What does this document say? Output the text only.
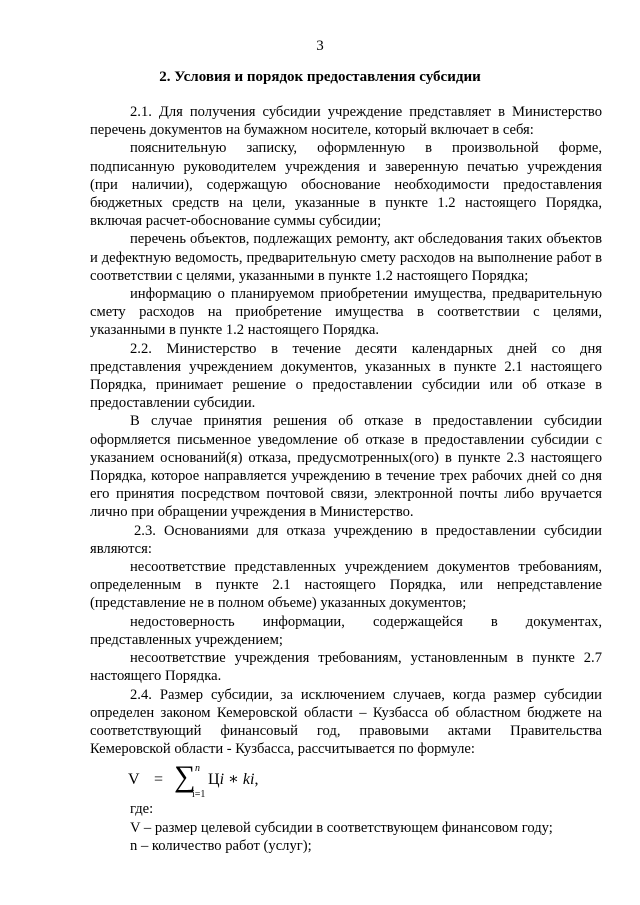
3
2. Условия и порядок предоставления субсидии

2.1. Для получения субсидии учреждение представляет в Министерство перечень документов на бумажном носителе, который включает в себя:

пояснительную записку, оформленную в произвольной форме, подписанную руководителем учреждения и заверенную печатью учреждения (при наличии), содержащую обоснование необходимости предоставления бюджетных средств на цели, указанные в пункте 1.2 настоящего Порядка, включая расчет-обоснование суммы субсидии;

перечень объектов, подлежащих ремонту, акт обследования таких объектов и дефектную ведомость, предварительную смету расходов на выполнение работ в соответствии с целями, указанными в пункте 1.2 настоящего Порядка;

информацию о планируемом приобретении имущества, предварительную смету расходов на приобретение имущества в соответствии с целями, указанными в пункте 1.2 настоящего Порядка.

2.2. Министерство в течение десяти календарных дней со дня представления учреждением документов, указанных в пункте 2.1 настоящего Порядка, принимает решение о предоставлении субсидии или об отказе в предоставлении субсидии.

В случае принятия решения об отказе в предоставлении субсидии оформляется письменное уведомление об отказе в предоставлении субсидии с указанием оснований(я) отказа, предусмотренных(ого) в пункте 2.3 настоящего Порядка, которое направляется учреждению в течение трех рабочих дней со дня его принятия посредством почтовой связи, электронной почты либо вручается лично при обращении учреждения в Министерство.

2.3. Основаниями для отказа учреждению в предоставлении субсидии являются:

несоответствие представленных учреждением документов требованиям, определенным в пункте 2.1 настоящего Порядка, или непредставление (представление не в полном объеме) указанных документов;

недостоверность информации, содержащейся в документах, представленных учреждением;

несоответствие учреждения требованиям, установленным в пункте 2.7 настоящего Порядка.

2.4. Размер субсидии, за исключением случаев, когда размер субсидии определен законом Кемеровской области – Кузбасса об областном бюджете на соответствующий финансовый год, правовыми актами Правительства Кемеровской области - Кузбасса, рассчитывается по формуле:

V = ∑ n
i=1
Цi ∗ ki,

где:

V – размер целевой субсидии в соответствующем финансовом году;

n – количество работ (услуг);
